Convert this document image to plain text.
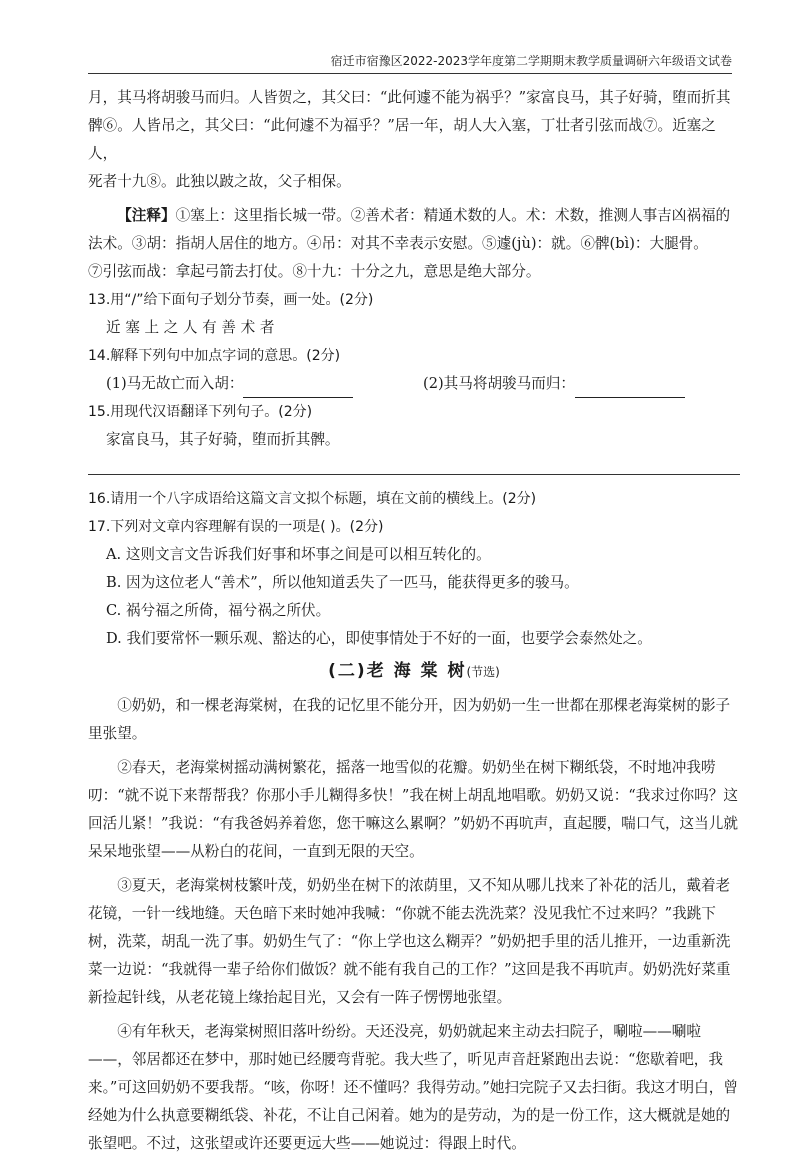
宿迁市宿豫区2022-2023学年度第二学期期末教学质量调研六年级语文试卷

月，其马将胡骏马而归。人皆贺之，其父曰：“此何遽不能为祸乎？”家富良马，其子好骑，堕而折其

髀⑥。人皆吊之，其父曰：“此何遽不为福乎？”居一年，胡人大入塞，丁壮者引弦而战⑦。近塞之人，

死者十九⑧。此独以跛之故，父子相保。

【注释】①塞上：这里指长城一带。②善术者：精通术数的人。术：术数，推测人事吉凶祸福的

法术。③胡：指胡人居住的地方。④吊：对其不幸表示安慰。⑤遽(jù)：就。⑥髀(bì)：大腿骨。

⑦引弦而战：拿起弓箭去打仗。⑧十九：十分之九，意思是绝大部分。

13.用“/”给下面句子划分节奏，画一处。(2分)

近 塞 上 之 人 有 善 术 者

14.解释下列句中加点字词的意思。(2分)

(1)马无故亡而入胡：	(2)其马将胡骏马而归：

15.用现代汉语翻译下列句子。(2分)

家富良马，其子好骑，堕而折其髀。

16.请用一个八字成语给这篇文言文拟个标题，填在文前的横线上。(2分)

17.下列对文章内容理解有误的一项是( )。(2分)

A. 这则文言文告诉我们好事和坏事之间是可以相互转化的。

B. 因为这位老人“善术”，所以他知道丢失了一匹马，能获得更多的骏马。

C. 祸兮福之所倚，福兮祸之所伏。

D. 我们要常怀一颗乐观、豁达的心，即使事情处于不好的一面，也要学会泰然处之。

(二)老 海 棠 树(节选)

①奶奶，和一棵老海棠树，在我的记忆里不能分开，因为奶奶一生一世都在那棵老海棠树的影子里张望。

②春天，老海棠树摇动满树繁花，摇落一地雪似的花瓣。奶奶坐在树下糊纸袋，不时地冲我唠叨：“就不说下来帮帮我？你那小手儿糊得多快！”我在树上胡乱地唱歌。奶奶又说：“我求过你吗？这回活儿紧！”我说：“有我爸妈养着您，您干嘛这么累啊？”奶奶不再吭声，直起腰，喘口气，这当儿就呆呆地张望——从粉白的花间，一直到无限的天空。

③夏天，老海棠树枝繁叶茂，奶奶坐在树下的浓荫里，又不知从哪儿找来了补花的活儿，戴着老花镜，一针一线地缝。天色暗下来时她冲我喊：“你就不能去洗洗菜？没见我忙不过来吗？”我跳下树，洗菜，胡乱一洗了事。奶奶生气了：“你上学也这么糊弄？”奶奶把手里的活儿推开，一边重新洗菜一边说：“我就得一辈子给你们做饭？就不能有我自己的工作？”这回是我不再吭声。奶奶洗好菜重新捡起针线，从老花镜上缘抬起目光，又会有一阵子愣愣地张望。

④有年秋天，老海棠树照旧落叶纷纷。天还没亮，奶奶就起来主动去扫院子，唰啦——唰啦——，邻居都还在梦中，那时她已经腰弯背驼。我大些了，听见声音赶紧跑出去说：“您歇着吧，我来。”可这回奶奶不要我帮。“咳，你呀！还不懂吗？我得劳动。”她扫完院子又去扫街。我这才明白，曾经她为什么执意要糊纸袋、补花，不让自己闲着。她为的是劳动，为的是一份工作，这大概就是她的张望吧。不过，这张望或许还要更远大些——她说过：得跟上时代。
